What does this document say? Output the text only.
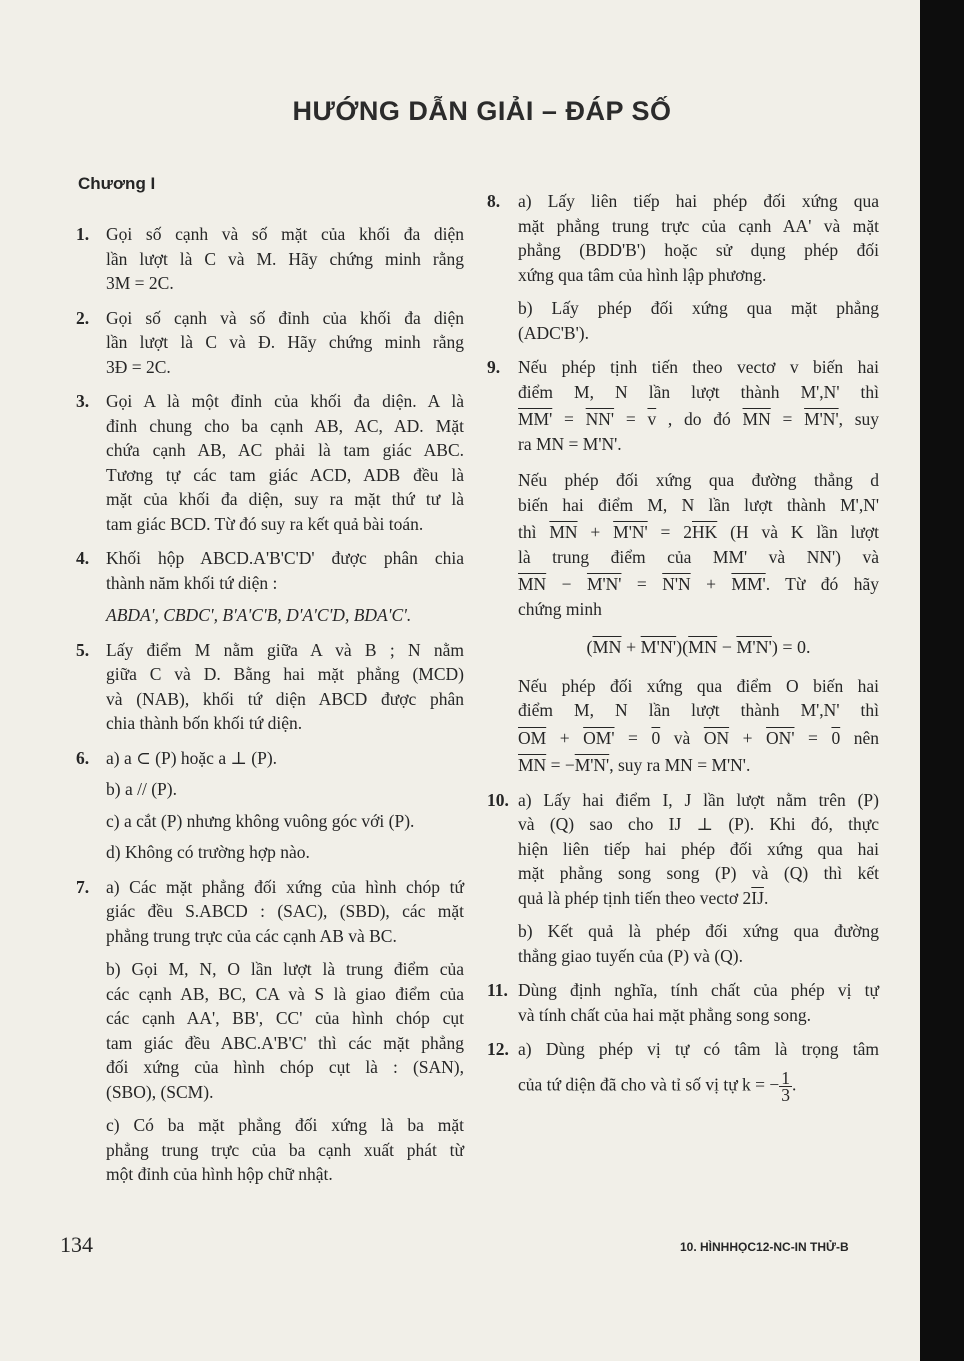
HƯỚNG DẪN GIẢI – ĐÁP SỐ
Chương I
1. Gọi số cạnh và số mặt của khối đa diện
lần lượt là C và M. Hãy chứng minh rằng
3M = 2C.
2. Gọi số cạnh và số đỉnh của khối đa diện
lần lượt là C và Đ. Hãy chứng minh rằng
3Đ = 2C.
3. Gọi A là một đỉnh của khối đa diện. A là
đỉnh chung cho ba cạnh AB, AC, AD. Mặt
chứa cạnh AB, AC phải là tam giác ABC.
Tương tự các tam giác ACD, ADB đều là
mặt của khối đa diện, suy ra mặt thứ tư là
tam giác BCD. Từ đó suy ra kết quả bài toán.
4. Khối hộp ABCD.A'B'C'D' được phân chia
thành năm khối tứ diện :
ABDA', CBDC', B'A'C'B, D'A'C'D, BDA'C'.
5. Lấy điểm M nằm giữa A và B ; N nằm
giữa C và D. Bằng hai mặt phẳng (MCD)
và (NAB), khối tứ diện ABCD được phân
chia thành bốn khối tứ diện.
6. a) a ⊂ (P) hoặc a ⊥ (P).
b) a // (P).
c) a cắt (P) nhưng không vuông góc với (P).
d) Không có trường hợp nào.
7. a) Các mặt phẳng đối xứng của hình chóp tứ
giác đều S.ABCD : (SAC), (SBD), các mặt
phẳng trung trực của các cạnh AB và BC.
b) Gọi M, N, O lần lượt là trung điểm của
các cạnh AB, BC, CA và S là giao điểm của
các cạnh AA', BB', CC' của hình chóp cụt
tam giác đều ABC.A'B'C' thì các mặt phẳng
đối xứng của hình chóp cụt là : (SAN),
(SBO), (SCM).
c) Có ba mặt phẳng đối xứng là ba mặt
phẳng trung trực của ba cạnh xuất phát từ
một đỉnh của hình hộp chữ nhật.
8. a) Lấy liên tiếp hai phép đối xứng qua
mặt phẳng trung trực của cạnh AA' và mặt
phẳng (BDD'B') hoặc sử dụng phép đối
xứng qua tâm của hình lập phương.
b) Lấy phép đối xứng qua mặt phẳng
(ADC'B').
9. Nếu phép tịnh tiến theo vectơ v biến hai
điểm M, N lần lượt thành M',N' thì
$MM' = NN' = \overline{v}$ , do đó $\overline{MN} = M'N'$, suy
ra MN = M'N'.
Nếu phép đối xứng qua đường thẳng d
biến hai điểm M, N lần lượt thành M',N'
thì $\overline{MN} + M'N' = 2\overline{HK}$ (H và K lần lượt
là trung điểm của MM' và NN') và
$\overline{MN} - M'N' = N'N + MM'$. Từ đó hãy
chứng minh
$(\overline{MN} + M'N')(\overline{MN} - M'N') = 0$.
Nếu phép đối xứng qua điểm O biến hai
điểm M, N lần lượt thành M',N' thì
$\overline{OM} + OM' = 0$ và $\overline{ON} + ON' = 0$ nên
$\overline{MN} = -M'N'$, suy ra MN = M'N'.
10. a) Lấy hai điểm I, J lần lượt nằm trên (P)
và (Q) sao cho IJ ⊥ (P). Khi đó, thực
hiện liên tiếp hai phép đối xứng qua hai
mặt phẳng song song (P) và (Q) thì kết
quả là phép tịnh tiến theo vectơ $2\overline{IJ}$.
b) Kết quả là phép đối xứng qua đường
thẳng giao tuyến của (P) và (Q).
11. Dùng định nghĩa, tính chất của phép vị tự
và tính chất của hai mặt phẳng song song.
12. a) Dùng phép vị tự có tâm là trọng tâm
của tứ diện đã cho và tỉ số vị tự k = − $\frac{1}{3}$ .
134	10. HÌNHHỌC12-NC-IN THỬ-B
